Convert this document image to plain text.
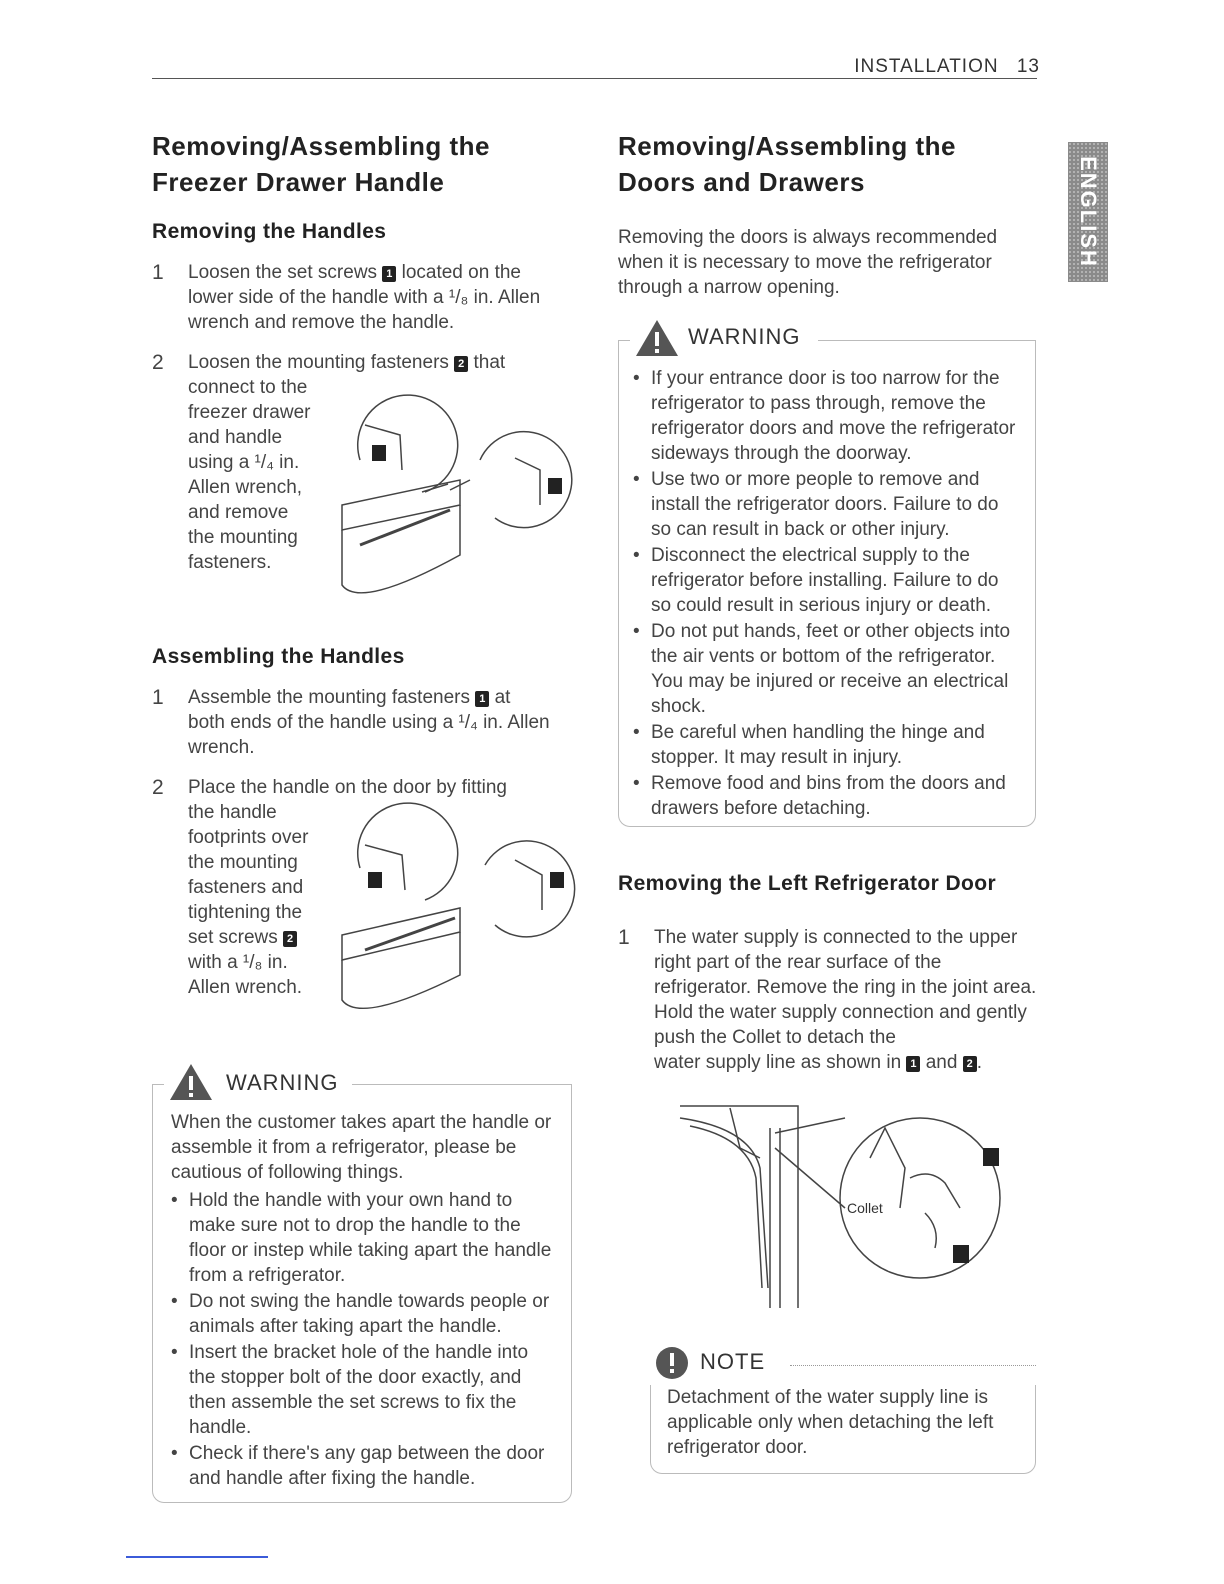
INSTALLATION 13
ENGLISH
Removing/Assembling the
Freezer Drawer Handle
Removing the Handles
1 Loosen the set screws 1 located on the
lower side of the handle with a ¹/₈ in. Allen
wrench and remove the handle.
2 Loosen the mounting fasteners 2 that
connect to the
freezer drawer
and handle
using a ¹/₄ in.
Allen wrench,
and remove
the mounting
fasteners.
Assembling the Handles
1 Assemble the mounting fasteners 1 at
both ends of the handle using a ¹/₄ in. Allen
wrench.
2 Place the handle on the door by fitting
the handle
footprints over
the mounting
fasteners and
tightening the
set screws 2
with a ¹/₈ in.
Allen wrench.
WARNING
When the customer takes apart the handle or assemble it from a refrigerator, please be cautious of following things.
• Hold the handle with your own hand to make sure not to drop the handle to the floor or instep while taking apart the handle from a refrigerator.
• Do not swing the handle towards people or animals after taking apart the handle.
• Insert the bracket hole of the handle into the stopper bolt of the door exactly, and then assemble the set screws to fix the handle.
• Check if there's any gap between the door and handle after fixing the handle.
Removing/Assembling the
Doors and Drawers
Removing the doors is always recommended when it is necessary to move the refrigerator through a narrow opening.
WARNING
• If your entrance door is too narrow for the refrigerator to pass through, remove the refrigerator doors and move the refrigerator sideways through the doorway.
• Use two or more people to remove and install the refrigerator doors. Failure to do so can result in back or other injury.
• Disconnect the electrical supply to the refrigerator before installing. Failure to do so could result in serious injury or death.
• Do not put hands, feet or other objects into the air vents or bottom of the refrigerator. You may be injured or receive an electrical shock.
• Be careful when handling the hinge and stopper. It may result in injury.
• Remove food and bins from the doors and drawers before detaching.
Removing the Left Refrigerator Door
1 The water supply is connected to the upper right part of the rear surface of the refrigerator. Remove the ring in the joint area. Hold the water supply connection and gently push the Collet to detach the
water supply line as shown in 1 and 2 .
Collet
NOTE
Detachment of the water supply line is applicable only when detaching the left refrigerator door.
